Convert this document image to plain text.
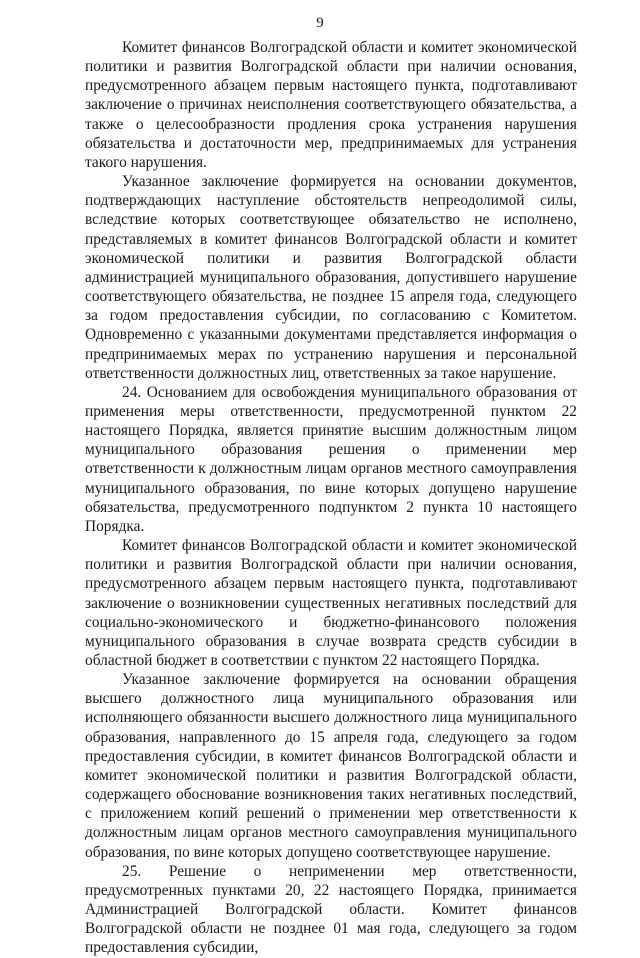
9

Комитет финансов Волгоградской области и комитет экономической политики и развития Волгоградской области при наличии основания, предусмотренного абзацем первым настоящего пункта, подготавливают заключение о причинах неисполнения соответствующего обязательства, а также о целесообразности продления срока устранения нарушения обязательства и достаточности мер, предпринимаемых для устранения такого нарушения.

Указанное заключение формируется на основании документов, подтверждающих наступление обстоятельств непреодолимой силы, вследствие которых соответствующее обязательство не исполнено, представляемых в комитет финансов Волгоградской области и комитет экономической политики и развития Волгоградской области администрацией муниципального образования, допустившего нарушение соответствующего обязательства, не позднее 15 апреля года, следующего за годом предоставления субсидии, по согласованию с Комитетом. Одновременно с указанными документами представляется информация о предпринимаемых мерах по устранению нарушения и персональной ответственности должностных лиц, ответственных за такое нарушение.

24. Основанием для освобождения муниципального образования от применения меры ответственности, предусмотренной пунктом 22 настоящего Порядка, является принятие высшим должностным лицом муниципального образования решения о применении мер ответственности к должностным лицам органов местного самоуправления муниципального образования, по вине которых допущено нарушение обязательства, предусмотренного подпунктом 2 пункта 10 настоящего Порядка.

Комитет финансов Волгоградской области и комитет экономической политики и развития Волгоградской области при наличии основания, предусмотренного абзацем первым настоящего пункта, подготавливают заключение о возникновении существенных негативных последствий для социально-экономического и бюджетно-финансового положения муниципального образования в случае возврата средств субсидии в областной бюджет в соответствии с пунктом 22 настоящего Порядка.

Указанное заключение формируется на основании обращения высшего должностного лица муниципального образования или исполняющего обязанности высшего должностного лица муниципального образования, направленного до 15 апреля года, следующего за годом предоставления субсидии, в комитет финансов Волгоградской области и комитет экономической политики и развития Волгоградской области, содержащего обоснование возникновения таких негативных последствий, с приложением копий решений о применении мер ответственности к должностным лицам органов местного самоуправления муниципального образования, по вине которых допущено соответствующее нарушение.

25. Решение о неприменении мер ответственности, предусмотренных пунктами 20, 22 настоящего Порядка, принимается Администрацией Волгоградской области. Комитет финансов Волгоградской области не позднее 01 мая года, следующего за годом предоставления субсидии,
